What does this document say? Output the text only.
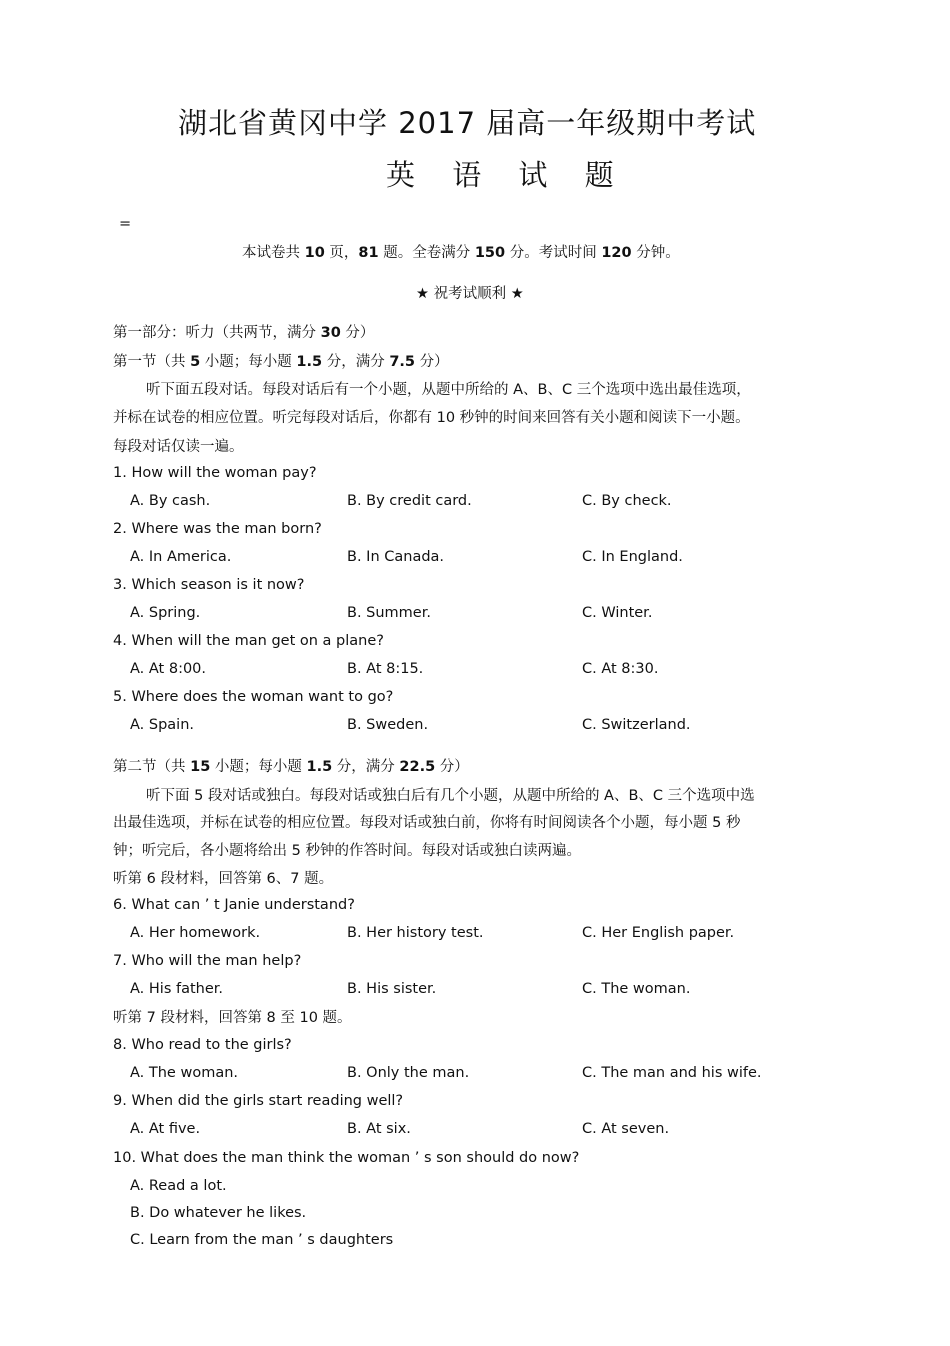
湖北省黄冈中学 2017 届高一年级期中考试
英 语 试 题
=
本试卷共 10 页，81 题。全卷满分 150 分。考试时间 120 分钟。
★ 祝考试顺利 ★
第一部分：听力（共两节，满分 30 分）
第一节（共 5 小题；每小题 1.5 分，满分 7.5 分）
听下面五段对话。每段对话后有一个小题，从题中所给的 A、B、C 三个选项中选出最佳选项，
并标在试卷的相应位置。听完每段对话后，你都有 10 秒钟的时间来回答有关小题和阅读下一小题。
每段对话仅读一遍。
1. How will the woman pay?
A. By cash.	B. By credit card.	C. By check.
2. Where was the man born?
A. In America.	B. In Canada.	C. In England.
3. Which season is it now?
A. Spring.	B. Summer.	C. Winter.
4. When will the man get on a plane?
A. At 8:00.	B. At 8:15.	C. At 8:30.
5. Where does the woman want to go?
A. Spain.	B. Sweden.	C. Switzerland.
第二节（共 15 小题；每小题 1.5 分，满分 22.5 分）
听下面 5 段对话或独白。每段对话或独白后有几个小题，从题中所给的 A、B、C 三个选项中选
出最佳选项，并标在试卷的相应位置。每段对话或独白前，你将有时间阅读各个小题，每小题 5 秒
钟；听完后，各小题将给出 5 秒钟的作答时间。每段对话或独白读两遍。
听第 6 段材料，回答第 6、7 题。
6. What can ’ t Janie understand?
A. Her homework.	B. Her history test.	C. Her English paper.
7. Who will the man help?
A. His father.	B. His sister.	C. The woman.
听第 7 段材料，回答第 8 至 10 题。
8. Who read to the girls?
A. The woman.	B. Only the man.	C. The man and his wife.
9. When did the girls start reading well?
A. At five.	B. At six.	C. At seven.
10. What does the man think the woman ’ s son should do now?
A. Read a lot.
B. Do whatever he likes.
C. Learn from the man ’ s daughters
